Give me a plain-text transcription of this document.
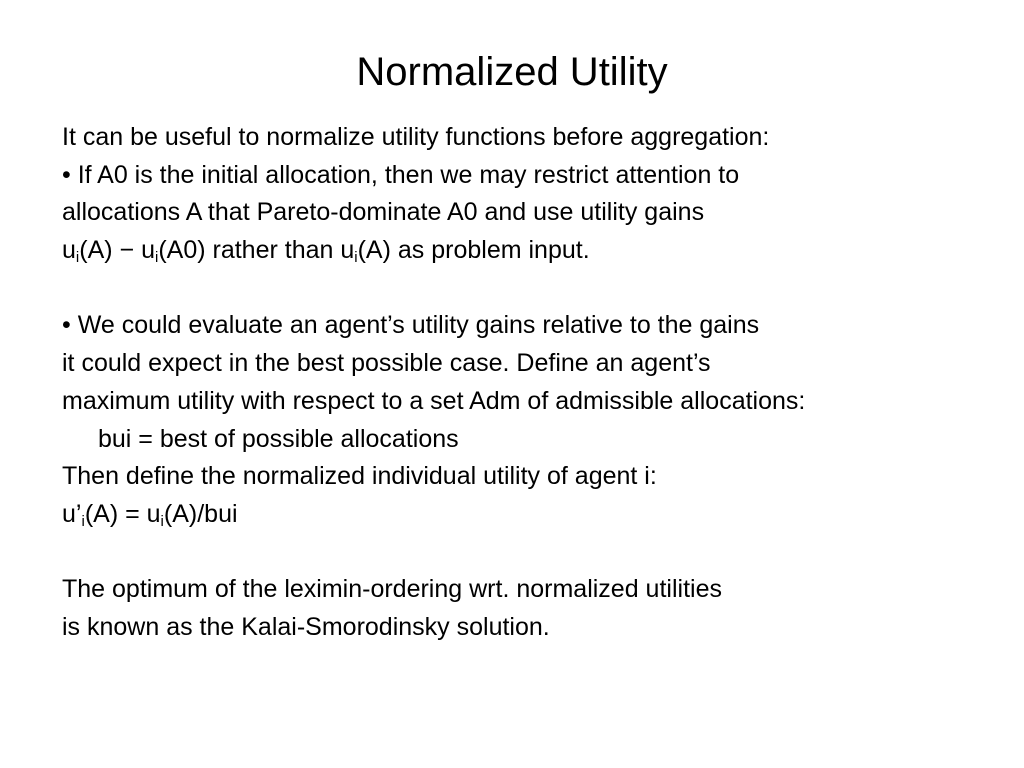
Normalized Utility
It can be useful to normalize utility functions before aggregation:
• If A0 is the initial allocation, then we may restrict attention to
allocations A that Pareto-dominate A0 and use utility gains
$u_i(A) - u_i(A0)$ rather than $u_i(A)$ as problem input.
• We could evaluate an agent’s utility gains relative to the gains
it could expect in the best possible case. Define an agent’s
maximum utility with respect to a set Adm of admissible allocations:
bui = best of possible allocations
Then define the normalized individual utility of agent i:
$u’_i(A) = u_i(A)/bui$
The optimum of the leximin-ordering wrt. normalized utilities
is known as the Kalai-Smorodinsky solution.
